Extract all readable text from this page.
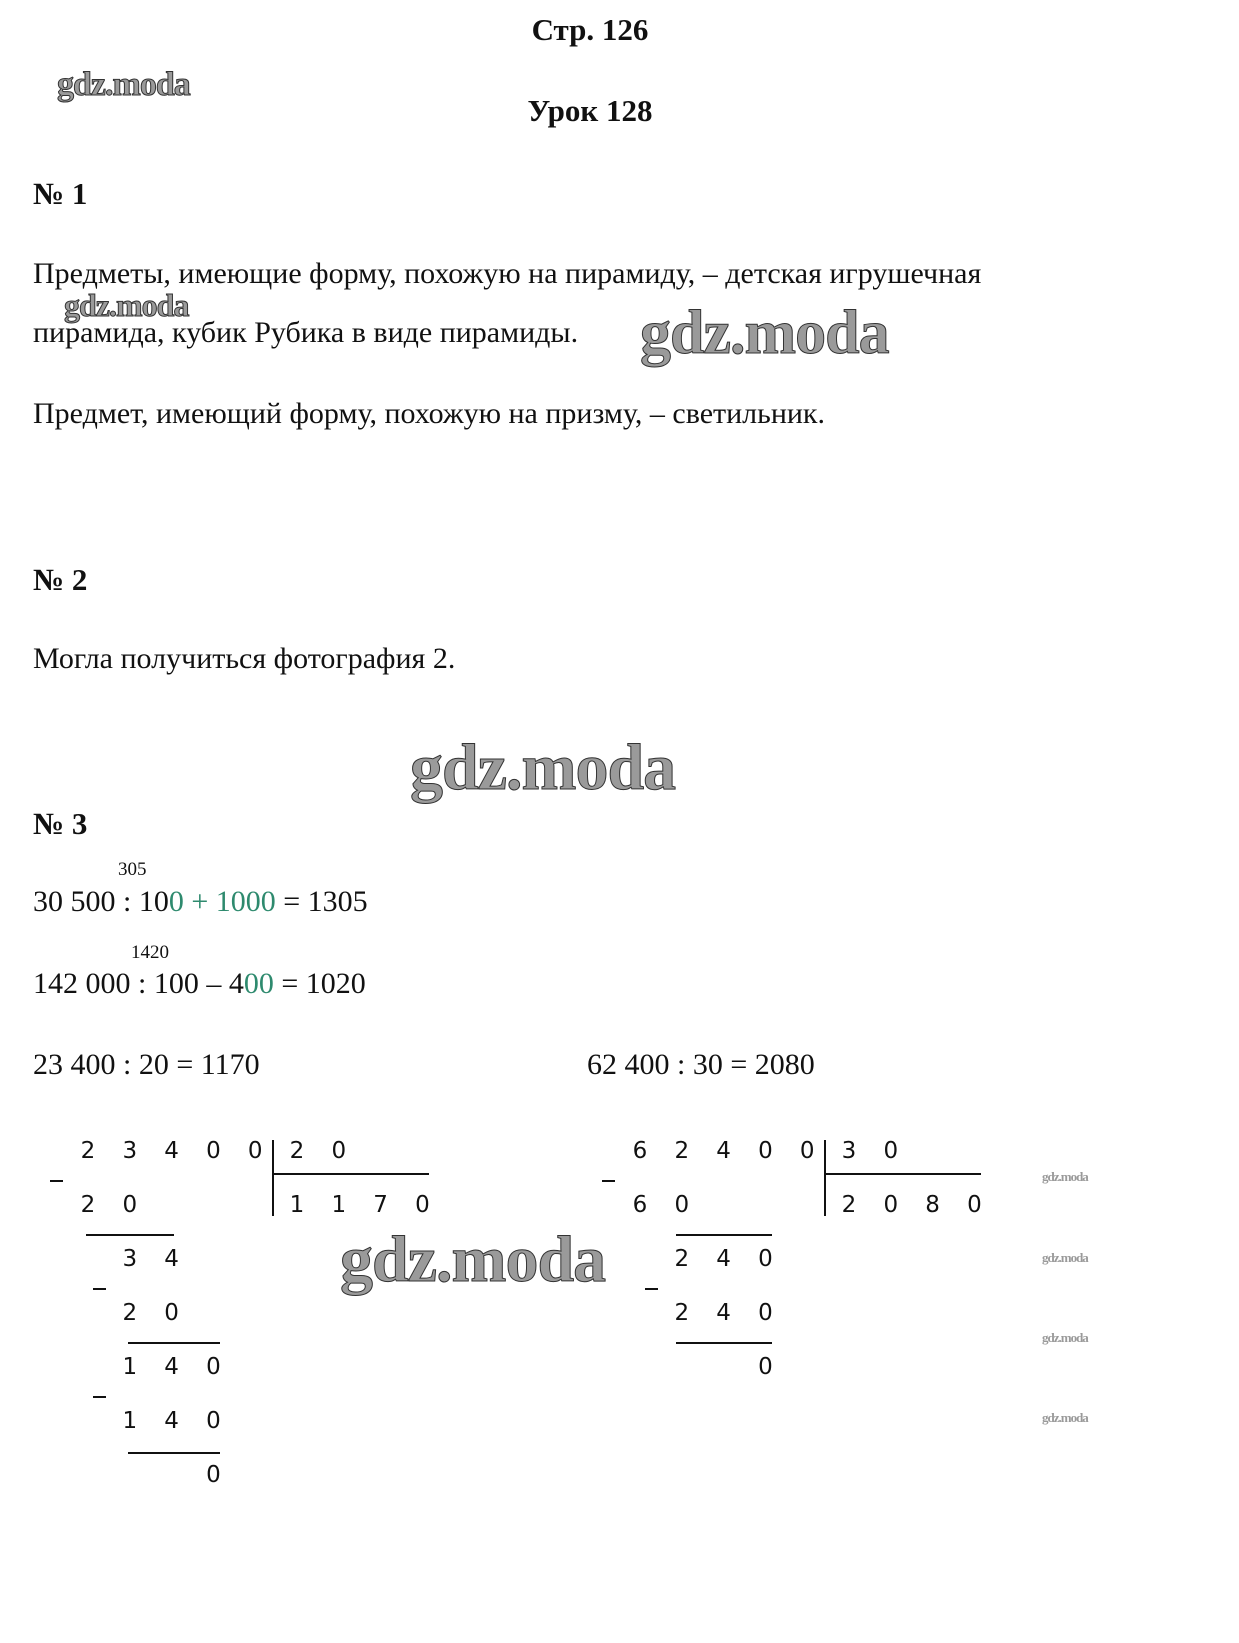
Стр. 126
Урок 128
gdz.moda
№ 1
Предметы, имеющие форму, похожую на пирамиду, – детская игрушечная
пирамида, кубик Рубика в виде пирамиды.
gdz.moda	gdz.moda
Предмет, имеющий форму, похожую на призму, – светильник.
№ 2
Могла получиться фотография 2.
gdz.moda
№ 3
305
30 500 : 100 + 1000 = 1305
1420
142 000 : 100 – 400 = 1020
23 400 : 20 = 1170	62 400 : 30 = 2080
2 3 4 0 0
2 0
3 4
2 0
1 4 0
1 4 0
0
2 0
1 1 7 0
6 2 4 0 0
6 0
2 4 0
2 4 0
0
3 0
2 0 8 0
gdz.moda
gdz.moda
gdz.moda
gdz.moda
gdz.moda
